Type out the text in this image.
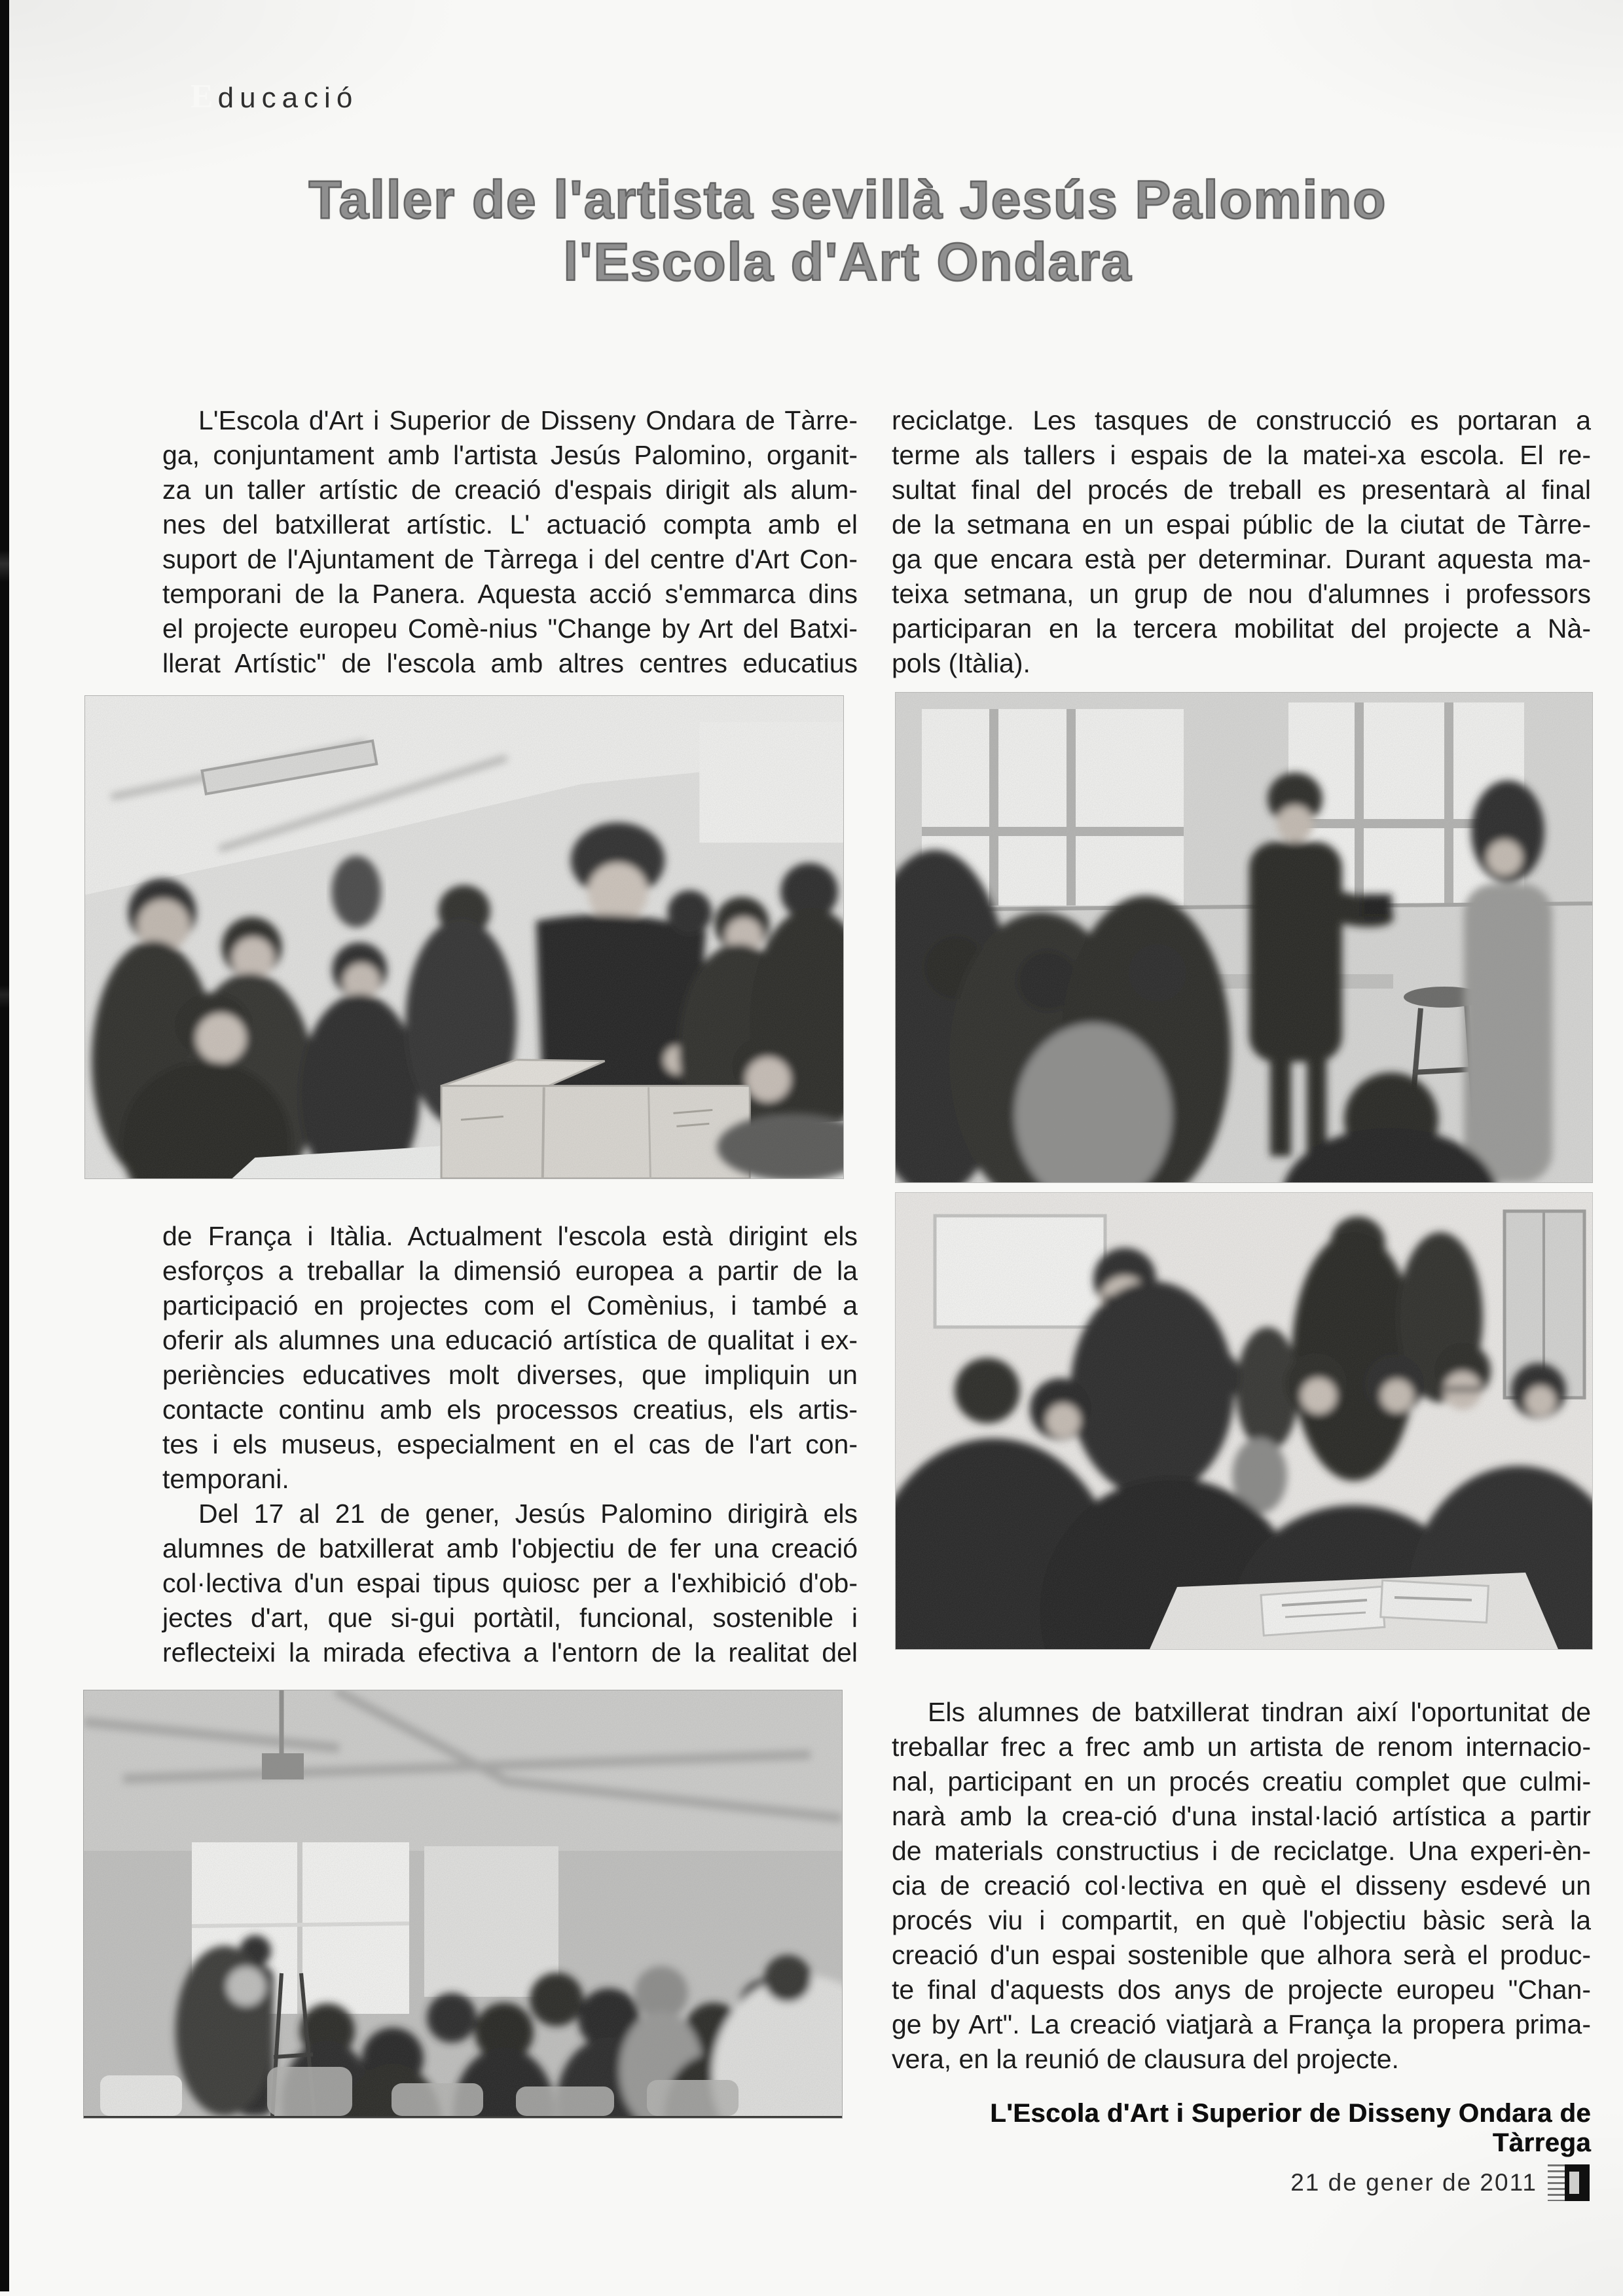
Educació

Taller de l'artista sevillà Jesús Palomino
l'Escola d'Art Ondara
L'Escola d'Art i Superior de Disseny Ondara de Tàrre-
ga, conjuntament amb l'artista Jesús Palomino, organit-
za un taller artístic de creació d'espais dirigit als alum-
nes del batxillerat artístic. L' actuació compta amb el
suport de l'Ajuntament de Tàrrega i del centre d'Art Con-
temporani de la Panera. Aquesta acció s'emmarca dins
el projecte europeu Comè-nius "Change by Art del Batxi-
llerat Artístic" de l'escola amb altres centres educatius
reciclatge. Les tasques de construcció es portaran a
terme als tallers i espais de la matei-xa escola. El re-
sultat final del procés de treball es presentarà al final
de la setmana en un espai públic de la ciutat de Tàrre-
ga que encara està per determinar. Durant aquesta ma-
teixa setmana, un grup de nou d'alumnes i professors
participaran en la tercera mobilitat del projecte a Nà-
pols (Itàlia).
de França i Itàlia. Actualment l'escola està dirigint els
esforços a treballar la dimensió europea a partir de la
participació en projectes com el Comènius, i també a
oferir als alumnes una educació artística de qualitat i ex-
periències educatives molt diverses, que impliquin un
contacte continu amb els processos creatius, els artis-
tes i els museus, especialment en el cas de l'art con-
temporani.
Del 17 al 21 de gener, Jesús Palomino dirigirà els
alumnes de batxillerat amb l'objectiu de fer una creació
col·lectiva d'un espai tipus quiosc per a l'exhibició d'ob-
jectes d'art, que si-gui portàtil, funcional, sostenible i
reflecteixi la mirada efectiva a l'entorn de la realitat del
Els alumnes de batxillerat tindran així l'oportunitat de
treballar frec a frec amb un artista de renom internacio-
nal, participant en un procés creatiu complet que culmi-
narà amb la crea-ció d'una instal·lació artística a partir
de materials constructius i de reciclatge. Una experi-èn-
cia de creació col·lectiva en què el disseny esdevé un
procés viu i compartit, en què l'objectiu bàsic serà la
creació d'un espai sostenible que alhora serà el produc-
te final d'aquests dos anys de projecte europeu "Chan-
ge by Art". La creació viatjarà a França la propera prima-
vera, en la reunió de clausura del projecte.
L'Escola d'Art i Superior de Disseny Ondara de Tàrrega
21 de gener de 2011
